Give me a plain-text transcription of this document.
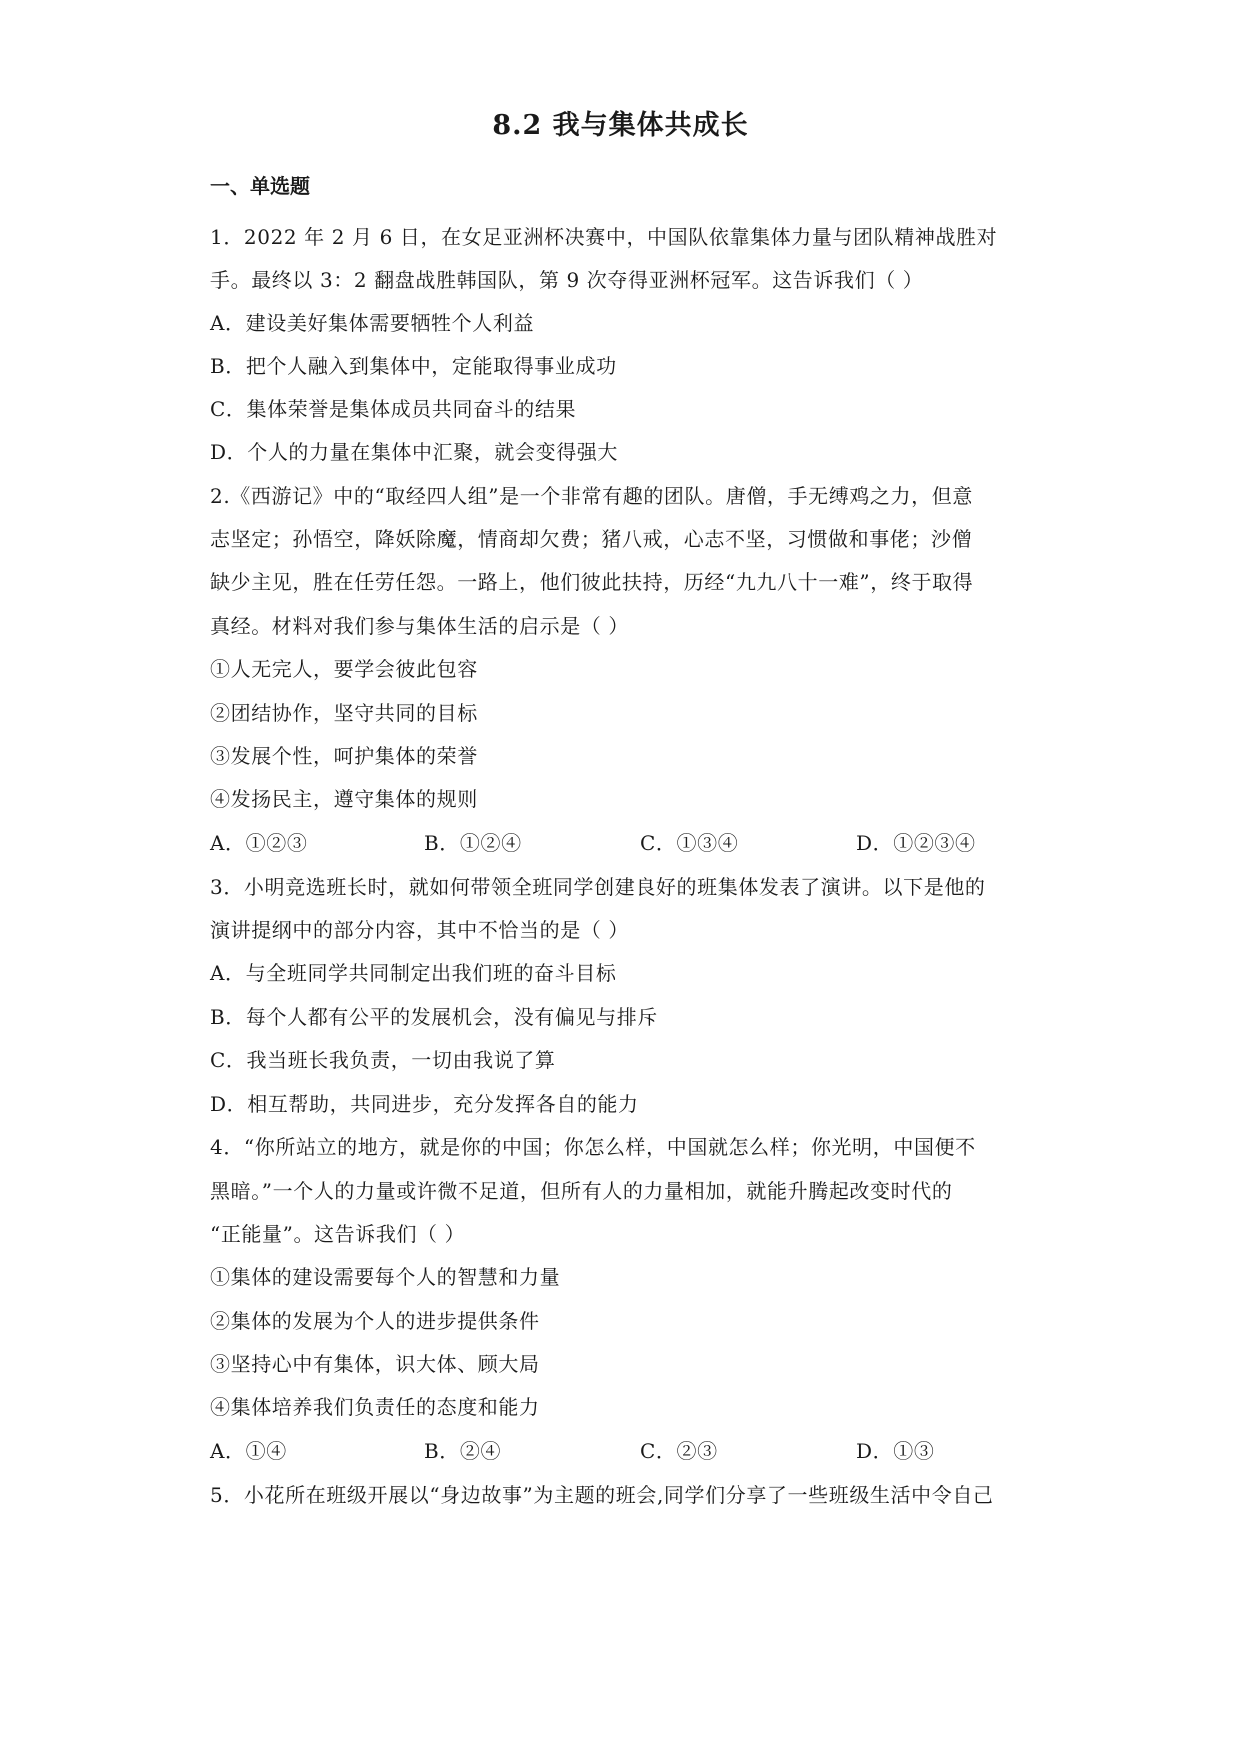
8.2 我与集体共成长
一、单选题
1．2022 年 2 月 6 日，在女足亚洲杯决赛中，中国队依靠集体力量与团队精神战胜对
手。最终以 3：2 翻盘战胜韩国队，第 9 次夺得亚洲杯冠军。这告诉我们（ ）
A．建设美好集体需要牺牲个人利益
B．把个人融入到集体中，定能取得事业成功
C．集体荣誉是集体成员共同奋斗的结果
D．个人的力量在集体中汇聚，就会变得强大
2.《西游记》中的“取经四人组”是一个非常有趣的团队。唐僧，手无缚鸡之力，但意
志坚定；孙悟空，降妖除魔，情商却欠费；猪八戒，心志不坚，习惯做和事佬；沙僧
缺少主见，胜在任劳任怨。一路上，他们彼此扶持，历经“九九八十一难”，终于取得
真经。材料对我们参与集体生活的启示是（ ）
①人无完人，要学会彼此包容
②团结协作，坚守共同的目标
③发展个性，呵护集体的荣誉
④发扬民主，遵守集体的规则
A．①②③	B．①②④	C．①③④	D．①②③④
3．小明竞选班长时，就如何带领全班同学创建良好的班集体发表了演讲。以下是他的
演讲提纲中的部分内容，其中不恰当的是（ ）
A．与全班同学共同制定出我们班的奋斗目标
B．每个人都有公平的发展机会，没有偏见与排斥
C．我当班长我负责，一切由我说了算
D．相互帮助，共同进步，充分发挥各自的能力
4．“你所站立的地方，就是你的中国；你怎么样，中国就怎么样；你光明，中国便不
黑暗。”一个人的力量或许微不足道，但所有人的力量相加，就能升腾起改变时代的
“正能量”。这告诉我们（ ）
①集体的建设需要每个人的智慧和力量
②集体的发展为个人的进步提供条件
③坚持心中有集体，识大体、顾大局
④集体培养我们负责任的态度和能力
A．①④	B．②④	C．②③	D．①③
5．小花所在班级开展以“身边故事”为主题的班会,同学们分享了一些班级生活中令自己
